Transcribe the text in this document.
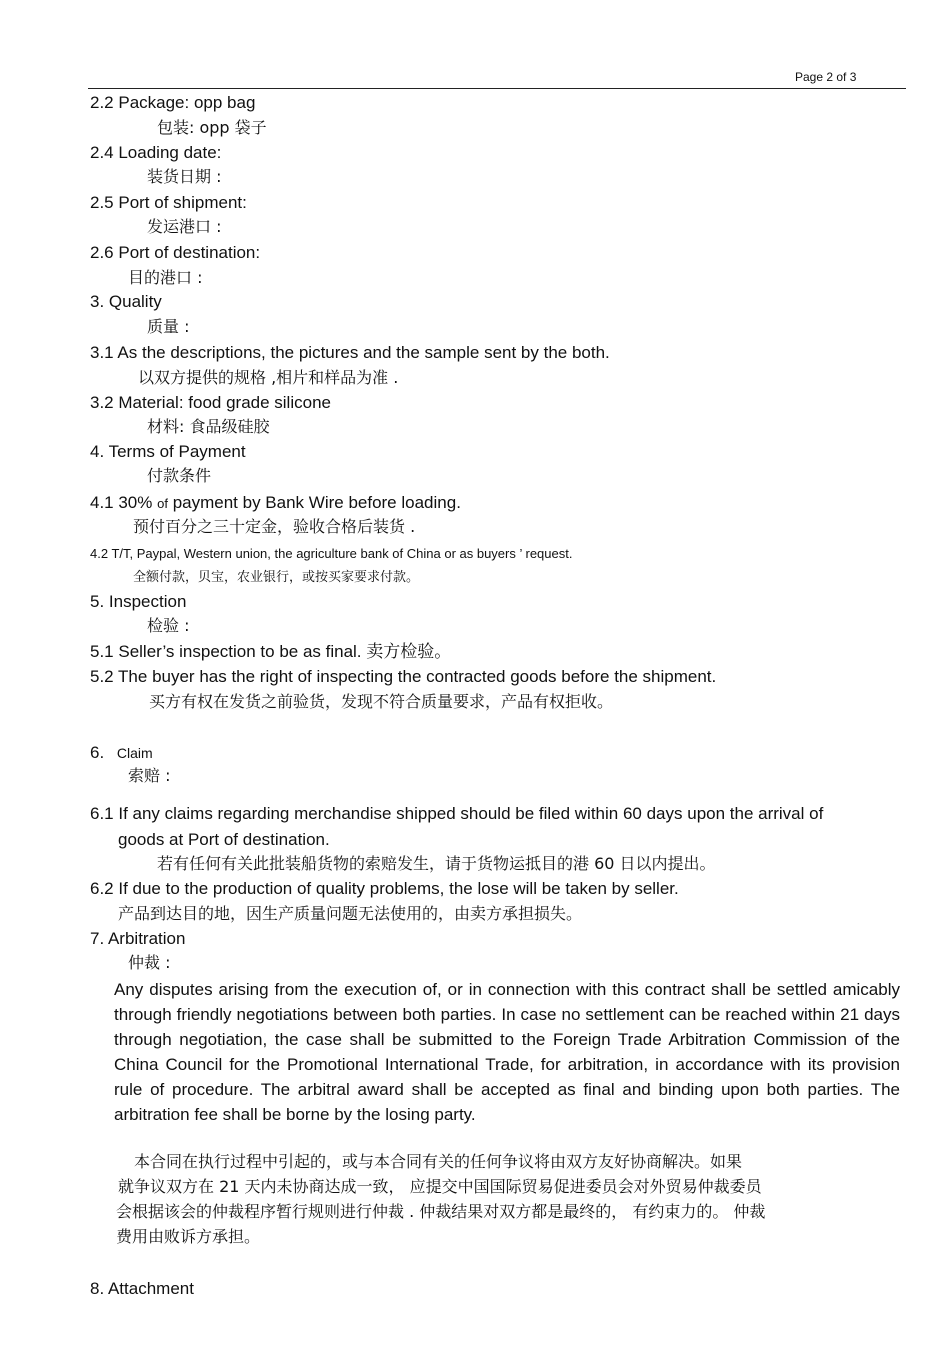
Page 2 of 3
2.2 Package: opp bag
包装: opp 袋子
2.4 Loading date:
装货日期 :
2.5 Port of shipment:
发运港口 :
2.6 Port of destination:
目的港口 :
3. Quality
质量 :
3.1 As the descriptions, the pictures and the sample sent by the both.
以双方提供的规格 ,相片和样品为准 .
3.2 Material: food grade silicone
材料: 食品级硅胶
4. Terms of Payment
付款条件
4.1 30% of payment by Bank Wire before loading.
预付百分之三十定金，验收合格后装货 .
4.2 T/T, Paypal, Western union, the agriculture bank of China or as buyers ’ request.
全额付款，贝宝，农业银行，或按买家要求付款。
5. Inspection
检验 :
5.1 Seller’s inspection to be as final. 卖方检验。
5.2 The buyer has the right of inspecting the contracted goods before the shipment.
买方有权在发货之前验货，发现不符合质量要求，产品有权拒收。
6. Claim
索赔 :
6.1 If any claims regarding merchandise shipped should be filed within 60 days upon the arrival of
goods at Port of destination.
若有任何有关此批装船货物的索赔发生，请于货物运抵目的港 60 日以内提出。
6.2 If due to the production of quality problems, the lose will be taken by seller.
产品到达目的地，因生产质量问题无法使用的，由卖方承担损失。
7. Arbitration
仲裁 :
Any disputes arising from the execution of, or in connection with this contract shall be settled amicably through friendly negotiations between both parties. In case no settlement can be reached within 21 days through negotiation, the case shall be submitted to the Foreign Trade Arbitration Commission of the China Council for the Promotional International Trade, for arbitration, in accordance with its provision rule of procedure. The arbitral award shall be accepted as final and binding upon both parties. The arbitration fee shall be borne by the losing party.
本合同在执行过程中引起的，或与本合同有关的任何争议将由双方友好协商解决。如果
就争议双方在 21 天内未协商达成一致， 应提交中国国际贸易促进委员会对外贸易仲裁委员
会根据该会的仲裁程序暂行规则进行仲裁 . 仲裁结果对双方都是最终的， 有约束力的。 仲裁
费用由败诉方承担。
8. Attachment
